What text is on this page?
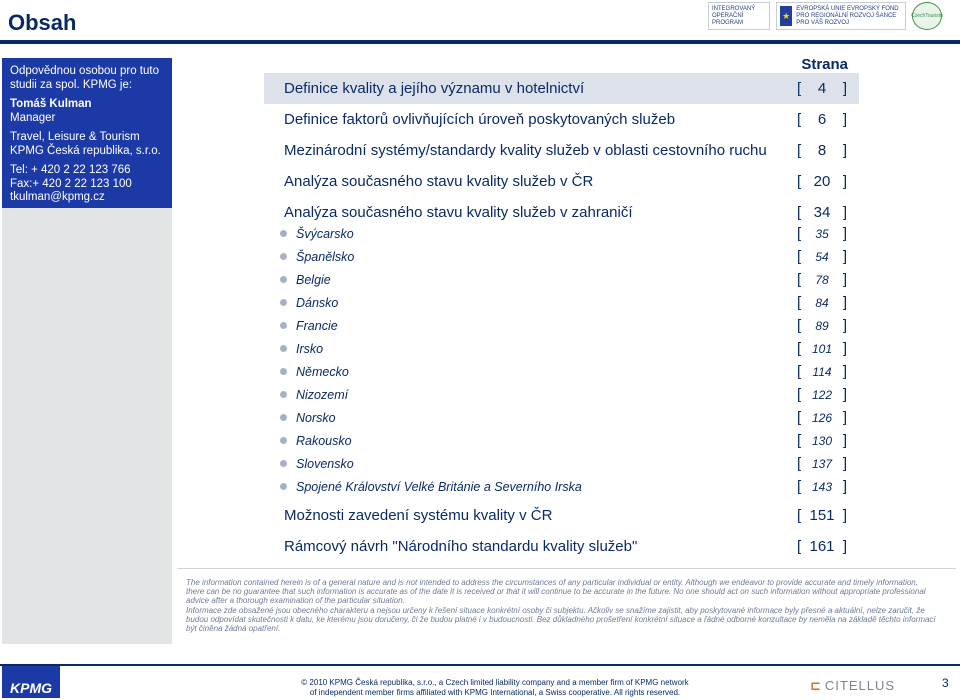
Obsah
INTEGROVANÝ OPERAČNÍ PROGRAM
★
EVROPSKÁ UNIE EVROPSKÝ FOND PRO REGIONÁLNÍ ROZVOJ ŠANCE PRO VÁŠ ROZVOJ
CzechTourism
Odpovědnou osobou pro tuto studii za spol. KPMG je:
Tomáš Kulman
Manager
Travel, Leisure & Tourism
KPMG Česká republika, s.r.o.
Tel: + 420 2 22 123 766
Fax:+ 420 2 22 123 100
tkulman@kpmg.cz
Strana
Definice kvality a jejího významu v hotelnictví	[	4	]
Definice faktorů ovlivňujících úroveň poskytovaných služeb	[	6	]
Mezinárodní systémy/standardy kvality služeb v oblasti cestovního ruchu	[	8	]
Analýza současného stavu kvality služeb v ČR	[ 20 ]
Analýza současného stavu kvality služeb v zahraničí	[ 34 ]
Švýcarsko	[	35 ]
Španělsko	[	54 ]
Belgie	[	78 ]
Dánsko	[	84 ]
Francie	[	89 ]
Irsko	[ 101 ]
Německo	[ 114 ]
Nizozemí	[ 122 ]
Norsko	[ 126 ]
Rakousko	[ 130 ]
Slovensko	[ 137 ]
Spojené Království Velké Británie a Severního Irska	[ 143 ]
Možnosti zavedení systému kvality v ČR	[ 151 ]
Rámcový návrh "Národního standardu kvality služeb"	[ 161 ]

The information contained herein is of a general nature and is not intended to address the circumstances of any particular individual or entity. Although we endeavor to provide accurate and timely information, there can be no guarantee that such information is accurate as of the date it is received or that it will continue to be accurate in the future. No one should act on such information without appropriate professional advice after a thorough examination of the particular situation.

Informace zde obsažené jsou obecného charakteru a nejsou určeny k řešení situace konkrétní osoby či subjektu. Ačkoliv se snažíme zajistit, aby poskytované informace byly přesné a aktuální, nelze zaručit, že budou odpovídat skutečnosti k datu, ke kterému jsou doručeny, či že budou platné i v budoucnosti. Bez důkladného prošetření konkrétní situace a řádné odborné konzultace by neměla na základě těchto informací být činěna žádná opatření.

KPMG	© 2010 KPMG Česká republika, s.r.o., a Czech limited liability company and a member firm of KPMG network
of independent member firms affiliated with KPMG International, a Swiss cooperative. All rights reserved.	⊏ CITELLUS	3
